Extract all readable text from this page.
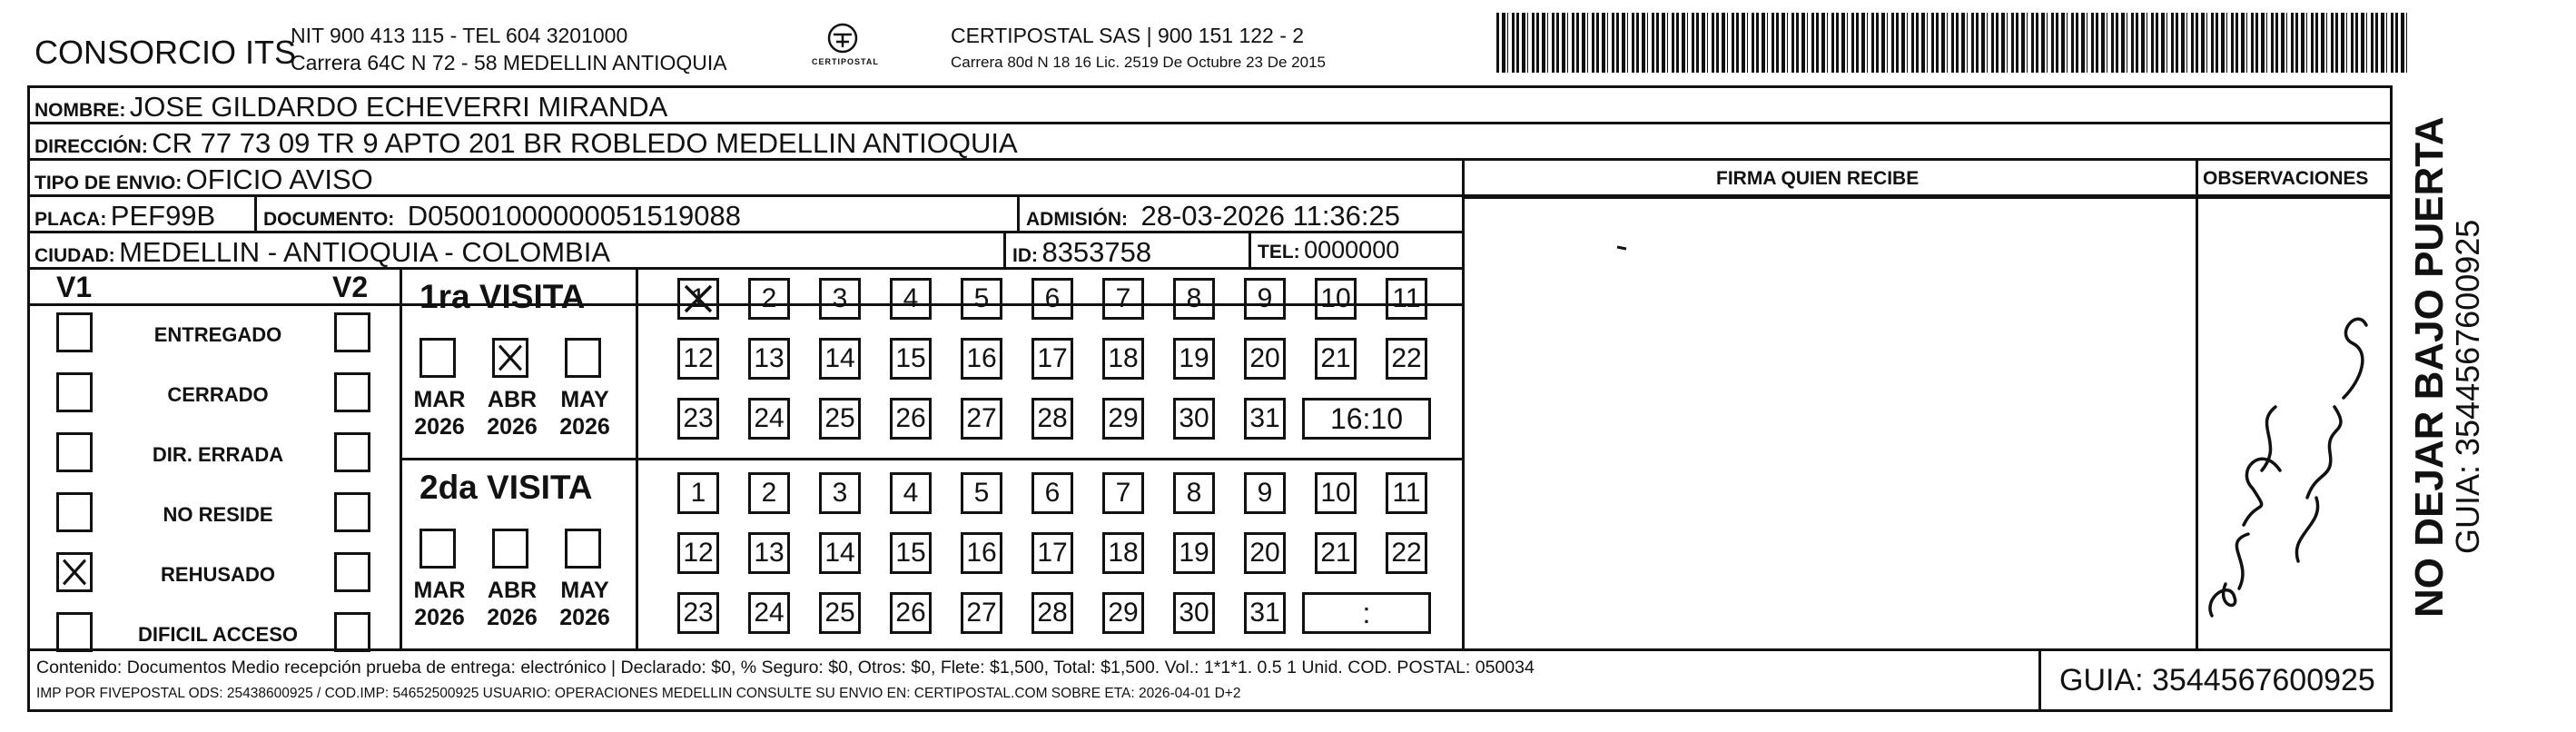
CONSORCIO ITS
NIT 900 413 115 - TEL 604 3201000
Carrera 64C N 72 - 58 MEDELLIN ANTIOQUIA	CERTIPOSTAL
CERTIPOSTAL SAS | 900 151 122 - 2
Carrera 80d N 18 16 Lic. 2519 De Octubre 23 De 2015
NOMBRE: JOSE GILDARDO ECHEVERRI MIRANDA
DIRECCIÓN: CR 77 73 09 TR 9 APTO 201 BR ROBLEDO MEDELLIN ANTIOQUIA
TIPO DE ENVIO: OFICIO AVISO
PLACA: PEF99B	DOCUMENTO: D05001000000051519088	ADMISIÓN: 28-03-2026 11:36:25
CIUDAD: MEDELLIN - ANTIOQUIA - COLOMBIA	ID: 8353758	TEL: 0000000
FIRMA QUIEN RECIBE	OBSERVACIONES
V1	V2
ENTREGADO
CERRADO
DIR. ERRADA
NO RESIDE
REHUSADO
DIFICIL ACCESO
1ra VISITA
MAR
2026
ABR
2026
MAY
2026
1	2	3	4	5	6	7	8	9	10 11
12 13 14 15 16 17 18 19 20 21 22
23 24 25 26 27 28 29 30 31	16:10
2da VISITA
MAR
2026
ABR
2026
MAY
2026
1	2	3	4	5	6	7	8	9	10 11
12 13 14 15 16 17 18 19 20 21 22
23 24 25 26 27 28 29 30 31	:
Contenido: Documentos Medio recepción prueba de entrega: electrónico | Declarado: $0, % Seguro: $0, Otros: $0, Flete: $1,500, Total: $1,500. Vol.: 1*1*1. 0.5 1 Unid. COD. POSTAL: 050034
IMP POR FIVEPOSTAL ODS: 25438600925 / COD.IMP: 54652500925 USUARIO: OPERACIONES MEDELLIN CONSULTE SU ENVIO EN: CERTIPOSTAL.COM SOBRE ETA: 2026-04-01 D+2	GUIA: 3544567600925
NO DEJAR BAJO PUERTA
GUIA: 3544567600925
